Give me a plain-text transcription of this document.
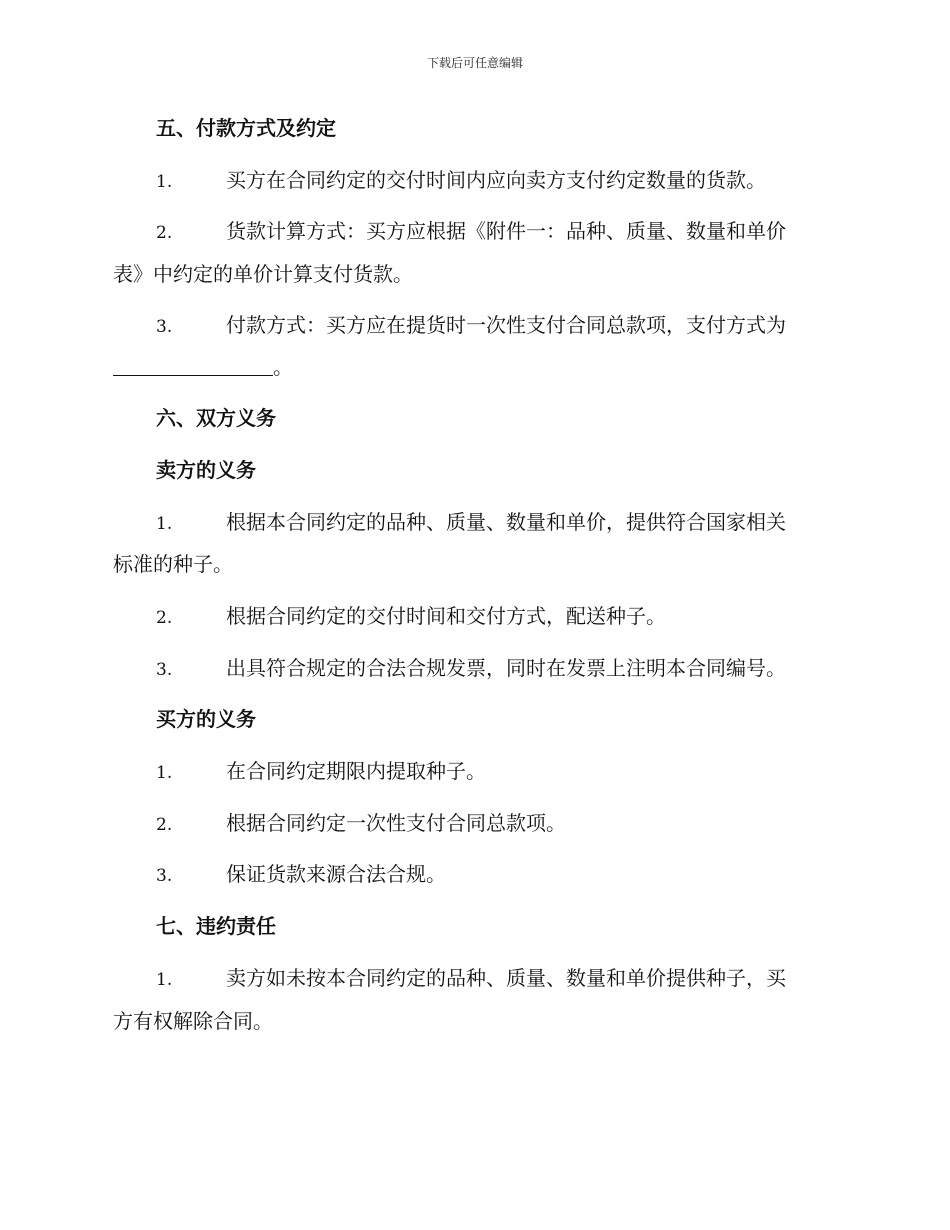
下载后可任意编辑
五、付款方式及约定
1.	买方在合同约定的交付时间内应向卖方支付约定数量的货款。
2.	货款计算方式：买方应根据《附件一：品种、质量、数量和单价
表》中约定的单价计算支付货款。
3.	付款方式：买方应在提货时一次性支付合同总款项，支付方式为
。
六、双方义务
卖方的义务
1.	根据本合同约定的品种、质量、数量和单价，提供符合国家相关
标准的种子。
2.	根据合同约定的交付时间和交付方式，配送种子。
3.	出具符合规定的合法合规发票，同时在发票上注明本合同编号。
买方的义务
1.	在合同约定期限内提取种子。
2.	根据合同约定一次性支付合同总款项。
3.	保证货款来源合法合规。
七、违约责任
1.	卖方如未按本合同约定的品种、质量、数量和单价提供种子，买
方有权解除合同。
